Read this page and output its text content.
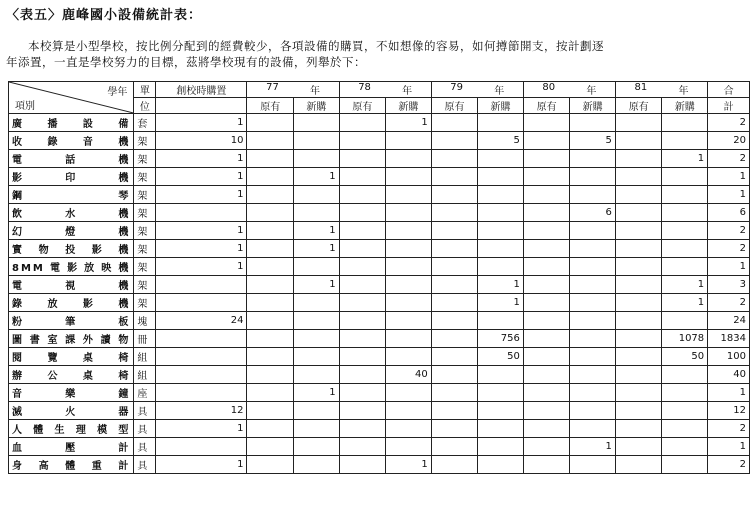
〈表五〉鹿峰國小設備統計表：

本校算是小型學校，按比例分配到的經費較少，各項設備的購買，不如想像的容易，如何撙節開支，按計劃逐

年添置，一直是學校努力的目標，茲將學校現有的設備，列舉於下：

學年
項別	單	創校時購置	77 年		78 年		79 年		80 年		81 年		合
	位		原有	新購	原有	新購	原有	新購	原有	新購	原有	新購	計
廣播設備	套	1				1							2
收錄音機	架	10						5		5			20
電話機	架	1										1	2
影印機	架	1		1									1
鋼琴	架	1											1
飲水機	架									6			6
幻燈機	架	1		1									2
實物投影機	架	1		1									2
8MM電影放映機	架	1											1
電視機	架			1				1				1	3
錄放影機	架							1				1	2
粉筆板	塊	24											24
圖書室課外讀物	冊							756				1078	1834
閱覽桌椅	組							50				50	100
辦公桌椅	組					40							40
音樂鐘	座			1									1
滅火器	具	12											12
人體生理模型	具	1											2
血壓計	具									1			1
身高體重計	具	1				1							2
